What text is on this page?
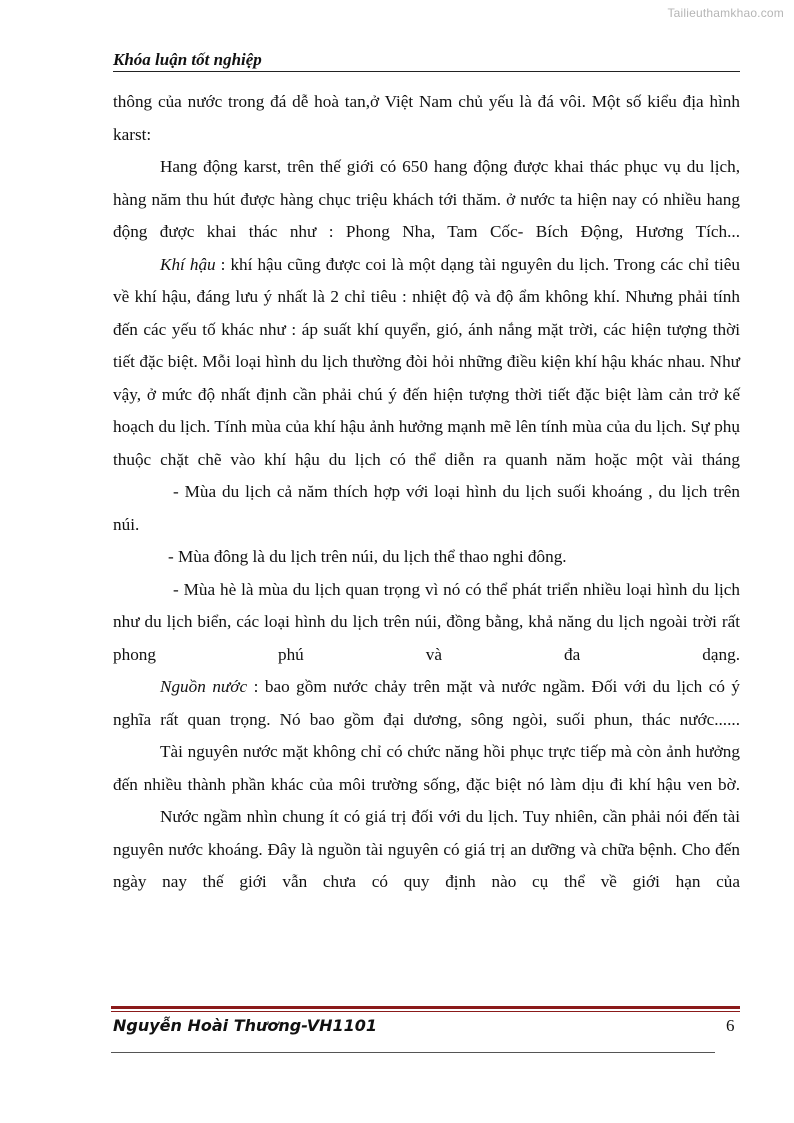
Tailieuthamkhao.com
Khóa luận tốt nghiệp

thông của nước trong đá dễ hoà tan,ở Việt Nam chủ yếu là đá vôi. Một số kiểu địa hình karst:

Hang động karst, trên thế giới có 650 hang động được khai thác phục vụ du lịch, hàng năm thu hút được hàng chục triệu khách tới thăm. ở nước ta hiện nay có nhiều hang động được khai thác như : Phong Nha, Tam Cốc- Bích Động, Hương Tích...

Khí hậu : khí hậu cũng được coi là một dạng tài nguyên du lịch. Trong các chỉ tiêu về khí hậu, đáng lưu ý nhất là 2 chỉ tiêu : nhiệt độ và độ ẩm không khí. Nhưng phải tính đến các yếu tố khác như : áp suất khí quyển, gió, ánh nắng mặt trời, các hiện tượng thời tiết đặc biệt. Mỗi loại hình du lịch thường đòi hỏi những điều kiện khí hậu khác nhau. Như vậy, ở mức độ nhất định cần phải chú ý đến hiện tượng thời tiết đặc biệt làm cản trở kế hoạch du lịch. Tính mùa của khí hậu ảnh hưởng mạnh mẽ lên tính mùa của du lịch. Sự phụ thuộc chặt chẽ vào khí hậu du lịch có thể diễn ra quanh năm hoặc một vài tháng

- Mùa du lịch cả năm thích hợp với loại hình du lịch suối khoáng , du lịch trên núi.

- Mùa đông là du lịch trên núi, du lịch thể thao nghi đông.

- Mùa hè là mùa du lịch quan trọng vì nó có thể phát triển nhiều loại hình du lịch như du lịch biển, các loại hình du lịch trên núi, đồng bằng, khả năng du lịch ngoài trời rất phong phú và đa dạng.

Nguồn nước : bao gồm nước chảy trên mặt và nước ngầm. Đối với du lịch có ý nghĩa rất quan trọng. Nó bao gồm đại dương, sông ngòi, suối phun, thác nước......

Tài nguyên nước mặt không chỉ có chức năng hồi phục trực tiếp mà còn ảnh hưởng đến nhiều thành phần khác của môi trường sống, đặc biệt nó làm dịu đi khí hậu ven bờ.

Nước ngầm nhìn chung ít có giá trị đối với du lịch. Tuy nhiên, cần phải nói đến tài nguyên nước khoáng. Đây là nguồn tài nguyên có giá trị an dưỡng và chữa bệnh. Cho đến ngày nay thế giới vẫn chưa có quy định nào cụ thể về giới hạn của

Nguyễn Hoài Thương-VH1101	6
